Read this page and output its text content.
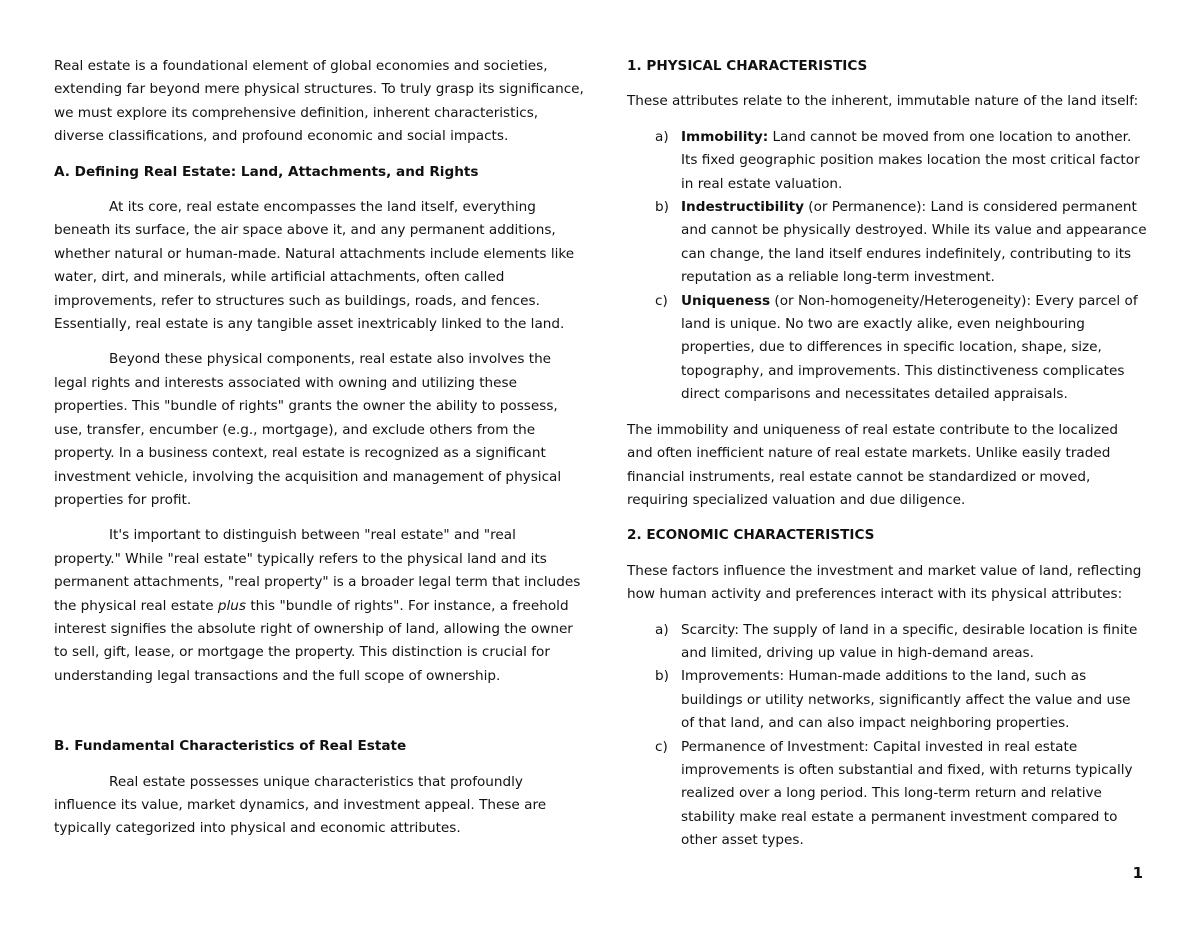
Real estate is a foundational element of global economies and societies, extending far beyond mere physical structures. To truly grasp its significance, we must explore its comprehensive definition, inherent characteristics, diverse classifications, and profound economic and social impacts.

A. Defining Real Estate: Land, Attachments, and Rights

At its core, real estate encompasses the land itself, everything beneath its surface, the air space above it, and any permanent additions, whether natural or human-made. Natural attachments include elements like water, dirt, and minerals, while artificial attachments, often called improvements, refer to structures such as buildings, roads, and fences. Essentially, real estate is any tangible asset inextricably linked to the land.

Beyond these physical components, real estate also involves the legal rights and interests associated with owning and utilizing these properties. This "bundle of rights" grants the owner the ability to possess, use, transfer, encumber (e.g., mortgage), and exclude others from the property. In a business context, real estate is recognized as a significant investment vehicle, involving the acquisition and management of physical properties for profit.

It's important to distinguish between "real estate" and "real property." While "real estate" typically refers to the physical land and its permanent attachments, "real property" is a broader legal term that includes the physical real estate plus this "bundle of rights". For instance, a freehold interest signifies the absolute right of ownership of land, allowing the owner to sell, gift, lease, or mortgage the property. This distinction is crucial for understanding legal transactions and the full scope of ownership.

B. Fundamental Characteristics of Real Estate

Real estate possesses unique characteristics that profoundly influence its value, market dynamics, and investment appeal. These are typically categorized into physical and economic attributes.

1. PHYSICAL CHARACTERISTICS

These attributes relate to the inherent, immutable nature of the land itself:

a) Immobility: Land cannot be moved from one location to another. Its fixed geographic position makes location the most critical factor in real estate valuation.
b) Indestructibility (or Permanence): Land is considered permanent and cannot be physically destroyed. While its value and appearance can change, the land itself endures indefinitely, contributing to its reputation as a reliable long-term investment.
c) Uniqueness (or Non-homogeneity/Heterogeneity): Every parcel of land is unique. No two are exactly alike, even neighbouring properties, due to differences in specific location, shape, size, topography, and improvements. This distinctiveness complicates direct comparisons and necessitates detailed appraisals.

The immobility and uniqueness of real estate contribute to the localized and often inefficient nature of real estate markets. Unlike easily traded financial instruments, real estate cannot be standardized or moved, requiring specialized valuation and due diligence.

2. ECONOMIC CHARACTERISTICS

These factors influence the investment and market value of land, reflecting how human activity and preferences interact with its physical attributes:

a) Scarcity: The supply of land in a specific, desirable location is finite and limited, driving up value in high-demand areas.
b) Improvements: Human-made additions to the land, such as buildings or utility networks, significantly affect the value and use of that land, and can also impact neighboring properties.
c) Permanence of Investment: Capital invested in real estate improvements is often substantial and fixed, with returns typically realized over a long period. This long-term return and relative stability make real estate a permanent investment compared to other asset types.
1
